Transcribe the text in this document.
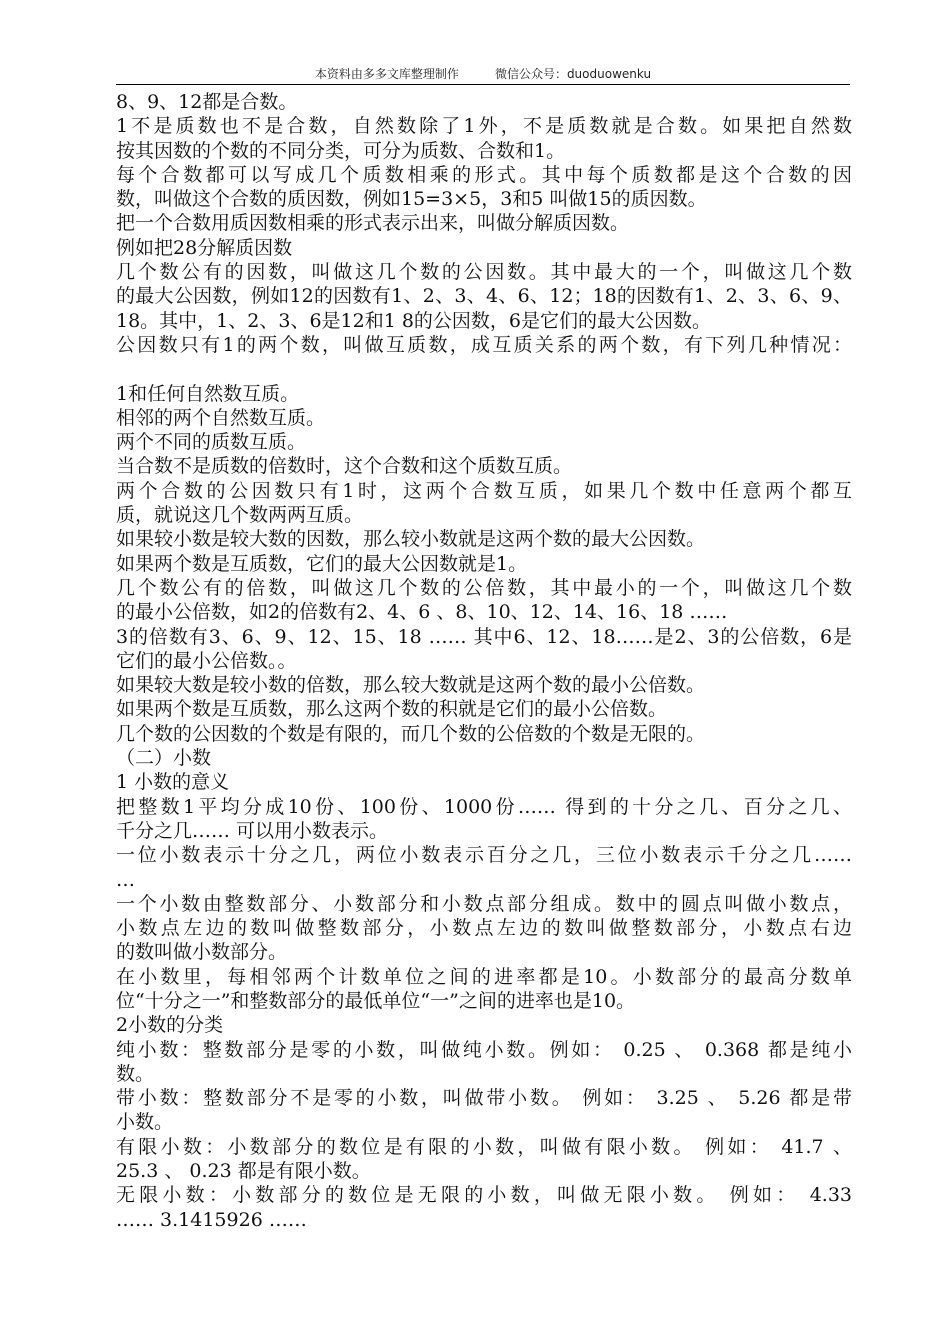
本资料由多多文库整理制作	微信公众号：duoduowenku
8、9、12都是合数。
1不是质数也不是合数，自然数除了1外，不是质数就是合数。如果把自然数
按其因数的个数的不同分类，可分为质数、合数和1。
每个合数都可以写成几个质数相乘的形式。其中每个质数都是这个合数的因
数，叫做这个合数的质因数，例如15=3×5，3和5 叫做15的质因数。
把一个合数用质因数相乘的形式表示出来，叫做分解质因数。
例如把28分解质因数
几个数公有的因数，叫做这几个数的公因数。其中最大的一个，叫做这几个数
的最大公因数，例如12的因数有1、2、3、4、6、12；18的因数有1、2、3、6、9、
18。其中，1、2、3、6是12和1 8的公因数，6是它们的最大公因数。
公因数只有1的两个数，叫做互质数，成互质关系的两个数，有下列几种情况：
1和任何自然数互质。
相邻的两个自然数互质。
两个不同的质数互质。
当合数不是质数的倍数时，这个合数和这个质数互质。
两个合数的公因数只有1时，这两个合数互质，如果几个数中任意两个都互
质，就说这几个数两两互质。
如果较小数是较大数的因数，那么较小数就是这两个数的最大公因数。
如果两个数是互质数，它们的最大公因数就是1。
几个数公有的倍数，叫做这几个数的公倍数，其中最小的一个，叫做这几个数
的最小公倍数，如2的倍数有2、4、6 、8、10、12、14、16、18 ……
3的倍数有3、6、9、12、15、18 …… 其中6、12、18……是2、3的公倍数，6是
它们的最小公倍数。。
如果较大数是较小数的倍数，那么较大数就是这两个数的最小公倍数。
如果两个数是互质数，那么这两个数的积就是它们的最小公倍数。
几个数的公因数的个数是有限的，而几个数的公倍数的个数是无限的。
（二）小数
1 小数的意义
把整数1平均分成10份、100份、1000份…… 得到的十分之几、百分之几、
千分之几…… 可以用小数表示。
一位小数表示十分之几，两位小数表示百分之几，三位小数表示千分之几……
…
一个小数由整数部分、小数部分和小数点部分组成。数中的圆点叫做小数点，
小数点左边的数叫做整数部分，小数点左边的数叫做整数部分，小数点右边
的数叫做小数部分。
在小数里，每相邻两个计数单位之间的进率都是10。小数部分的最高分数单
位“十分之一”和整数部分的最低单位“一”之间的进率也是10。
2小数的分类
纯小数：整数部分是零的小数，叫做纯小数。例如： 0.25 、 0.368 都是纯小
数。
带小数：整数部分不是零的小数，叫做带小数。 例如： 3.25 、 5.26 都是带
小数。
有限小数：小数部分的数位是有限的小数，叫做有限小数。 例如： 41.7 、
25.3 、 0.23 都是有限小数。
无限小数：小数部分的数位是无限的小数，叫做无限小数。 例如： 4.33
…… 3.1415926 ……
